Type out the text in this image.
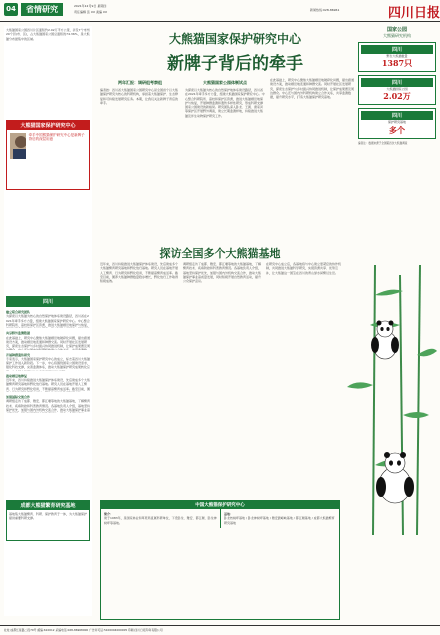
04	省情研究	2021年12月9日 星期四
责任编辑 张 XX 美编 XX	新闻热线:028-86961	四川日报
大熊猫国家公园四川片区面积约2.02万平方公里，涉及7个市州20个县(市、区)，占大熊猫国家公园总面积的74.36%，是大熊猫分布最集中的区域。
大熊猫国家保护研究中心
牵手中国熊猫保护研究中心是新牌子背后的深层用意
四川
建立联合研究团队
为探索以大熊猫为核心的自然保护地体系建设路径，四川省在2021年牵手多方力量，组建大熊猫国家保护研究中心。中心整合科研院所、高校和保护区资源，推进大熊猫栖息地保护与恢复，
共享野外监测数据
在此基础上，研究中心聚焦大熊猫栖息地破碎化问题，提出廊道建设方案，推动栖息地连通和种群交流。同时开展社区发展研究，探索生态保护与乡村振兴协同推进机制，让保护成果惠及周
开展种群遗传研究
专家表示，大熊猫国家保护研究中心的成立，标志着四川大熊猫保护工作进入新阶段。下一步，中心将围绕国家公园建设需求，强化科技支撑，完善监测体系，推动大熊猫保护研究成果转化应
推动栖息地修复
近年来，四川持续推进大熊猫保护体系建设，先后建成多个大熊猫繁育研究基地和野化放归基地。研究人员在基地开展人工繁育、行为研究和野化培训，不断提高繁育成活率。截至目前，圈
加强国际交流合作
调研组走访了成都、雅安、都江堰等地的大熊猫基地，了解繁育技术、疾病防控和科普教育情况。各基地负责人介绍，基地坚持保护优先，加强与国内外机构交流合作，推动大熊猫保护事业高
成都大熊猫繁育研究基地
基地集大熊猫繁育、科研、保护教育于一体，为大熊猫保护提供重要科研支撑。
大熊猫国家保护研究中心
新牌子背后的牵手
两年汇报：调研组考察组
编者按：四川省大熊猫国家公园研究中心是全国首个以大熊猫保护研究为核心的科研机构，承担着大熊猫保护、生态修复和可持续发展研究任务。本期，让我们关注新牌子背后的牵手。
大熊猫国家公园体制试点
为探索以大熊猫为核心的自然保护地体系建设路径，四川省在2021年牵手多方力量，组建大熊猫国家保护研究中心。中心整合科研院所、高校和保护区资源，推进大熊猫栖息地保护与恢复，开展种群监测和遗传多样性研究，形成科研支撑国家公园建设的新格局。研究团队深入卧龙、王朗、唐家河等保护区开展野外调查，建立长期监测样地，持续推进大熊猫及伴生动物保护研究工作。
在此基础上，研究中心聚焦大熊猫栖息地破碎化问题，提出廊道建设方案，推动栖息地连通和种群交流。同时开展社区发展研究，探索生态保护与乡村振兴协同推进机制，让保护成果惠及周边群众。中心还与国内外科研机构建立合作关系，共享监测数据，提升研究水平，打造大熊猫保护研究高地。
国家公园
大熊猫研究机构
四川
野生大熊猫数量
1387只
四川
大熊猫国家公园
2.02万
四川
保护研究基地
多个
编者注：数据来源于全国第四次大熊猫调查
探访全国多个大熊猫基地
近年来，四川持续推进大熊猫保护体系建设，先后建成多个大熊猫繁育研究基地和野化放归基地。研究人员在基地开展人工繁育、行为研究和野化培训，不断提高繁育成活率。截至目前，圈养大熊猫种群数量稳步增长，野化放归工作取得积极成效。
调研组走访了成都、雅安、都江堰等地的大熊猫基地，了解繁育技术、疾病防控和科普教育情况。各基地负责人介绍，基地坚持保护优先，加强与国内外机构交流合作，推动大熊猫保护事业高质量发展，同时积极开展自然教育活动，提升公众保护意识。
在研究中心成立后，各基地将与中心建立更紧密的协作机制，共同推进大熊猫科学研究，实现资源共享、优势互补，让大熊猫这一国宝在四川的青山绿水间繁衍生息。
中国大熊猫保护研究中心
简介：
建于1983年，是国家林业和草原局直属科研单位，下设卧龙、雅安、都江堰、卧龙神树坪等基地。
基地：
卧龙核桃坪基地 / 卧龙神树坪基地 / 雅安碧峰峡基地 / 都江堰基地 / 成都大熊猫繁育研究基地
社址:成都红星路二段70号 邮编:610012 采编电话:028-86968000 广告许可证:5100004000005 印刷:四川日报印务有限公司
